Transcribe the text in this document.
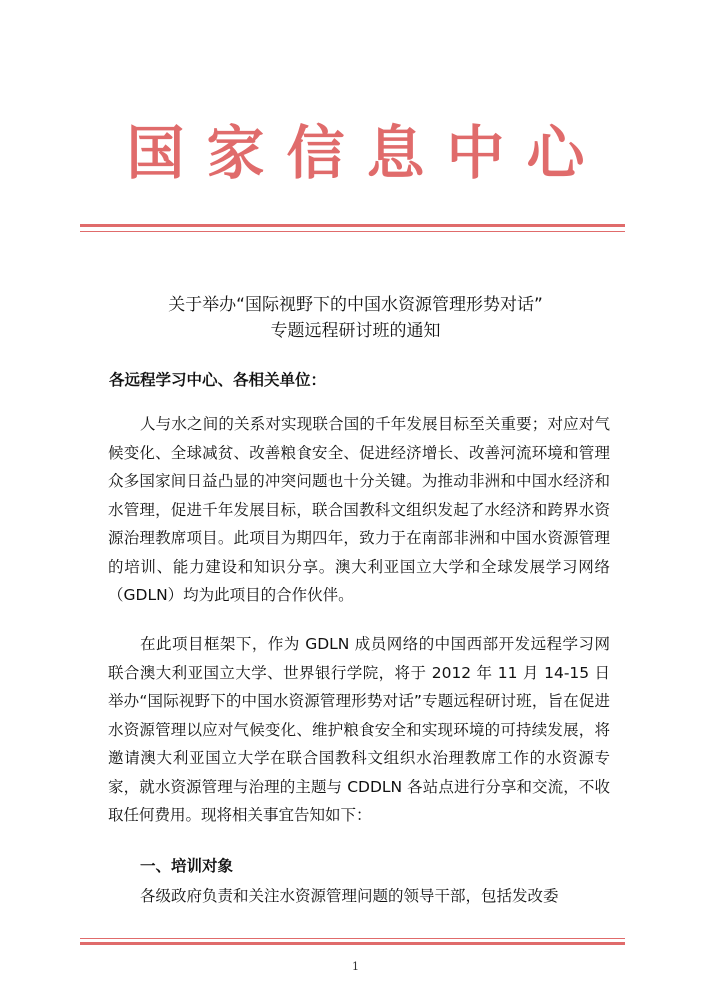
国家信息中心
关于举办“国际视野下的中国水资源管理形势对话”
专题远程研讨班的通知
各远程学习中心、各相关单位：

人与水之间的关系对实现联合国的千年发展目标至关重要；对应对气候变化、全球减贫、改善粮食安全、促进经济增长、改善河流环境和管理众多国家间日益凸显的冲突问题也十分关键。为推动非洲和中国水经济和水管理，促进千年发展目标，联合国教科文组织发起了水经济和跨界水资源治理教席项目。此项目为期四年，致力于在南部非洲和中国水资源管理的培训、能力建设和知识分享。澳大利亚国立大学和全球发展学习网络（GDLN）均为此项目的合作伙伴。

在此项目框架下，作为 GDLN 成员网络的中国西部开发远程学习网联合澳大利亚国立大学、世界银行学院，将于 2012 年 11 月 14-15 日举办“国际视野下的中国水资源管理形势对话”专题远程研讨班，旨在促进水资源管理以应对气候变化、维护粮食安全和实现环境的可持续发展，将邀请澳大利亚国立大学在联合国教科文组织水治理教席工作的水资源专家，就水资源管理与治理的主题与 CDDLN 各站点进行分享和交流，不收取任何费用。现将相关事宜告知如下：

一、培训对象

各级政府负责和关注水资源管理问题的领导干部，包括发改委

1
